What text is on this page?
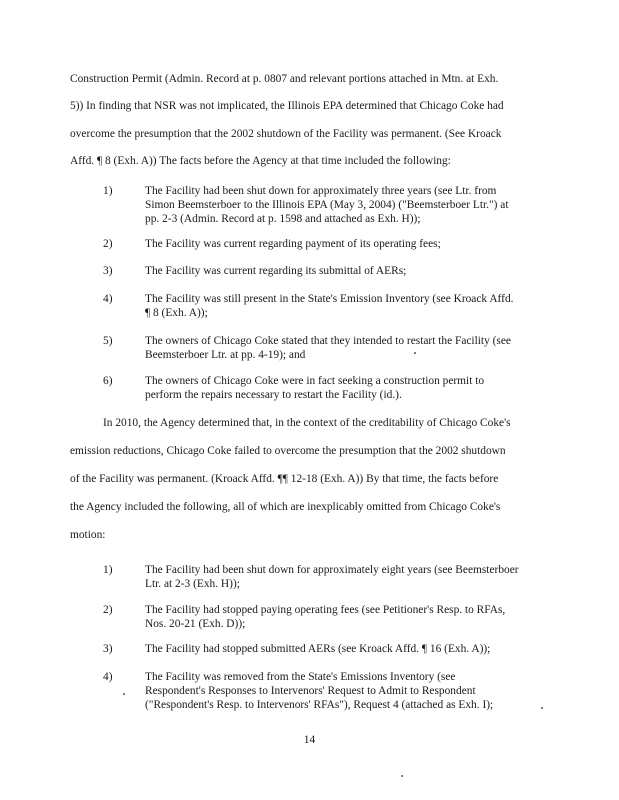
Construction Permit (Admin. Record at p. 0807 and relevant portions attached in Mtn. at Exh.
5)) In finding that NSR was not implicated, the Illinois EPA determined that Chicago Coke had
overcome the presumption that the 2002 shutdown of the Facility was permanent. (See Kroack
Affd. ¶ 8 (Exh. A)) The facts before the Agency at that time included the following:
1)	The Facility had been shut down for approximately three years (see Ltr. from
Simon Beemsterboer to the Illinois EPA (May 3, 2004) ("Beemsterboer Ltr.") at
pp. 2-3 (Admin. Record at p. 1598 and attached as Exh. H));
2)	The Facility was current regarding payment of its operating fees;
3)	The Facility was current regarding its submittal of AERs;
4)	The Facility was still present in the State's Emission Inventory (see Kroack Affd.
¶ 8 (Exh. A));
5)	The owners of Chicago Coke stated that they intended to restart the Facility (see
Beemsterboer Ltr. at pp. 4-19); and
6)	The owners of Chicago Coke were in fact seeking a construction permit to
perform the repairs necessary to restart the Facility (id.).
In 2010, the Agency determined that, in the context of the creditability of Chicago Coke's
emission reductions, Chicago Coke failed to overcome the presumption that the 2002 shutdown
of the Facility was permanent. (Kroack Affd. ¶¶ 12-18 (Exh. A)) By that time, the facts before
the Agency included the following, all of which are inexplicably omitted from Chicago Coke's
motion:
1)	The Facility had been shut down for approximately eight years (see Beemsterboer
Ltr. at 2-3 (Exh. H));
2)	The Facility had stopped paying operating fees (see Petitioner's Resp. to RFAs,
Nos. 20-21 (Exh. D));
3)	The Facility had stopped submitted AERs (see Kroack Affd. ¶ 16 (Exh. A));
4)	The Facility was removed from the State's Emissions Inventory (see
Respondent's Responses to Intervenors' Request to Admit to Respondent
("Respondent's Resp. to Intervenors' RFAs"), Request 4 (attached as Exh. I);
14
